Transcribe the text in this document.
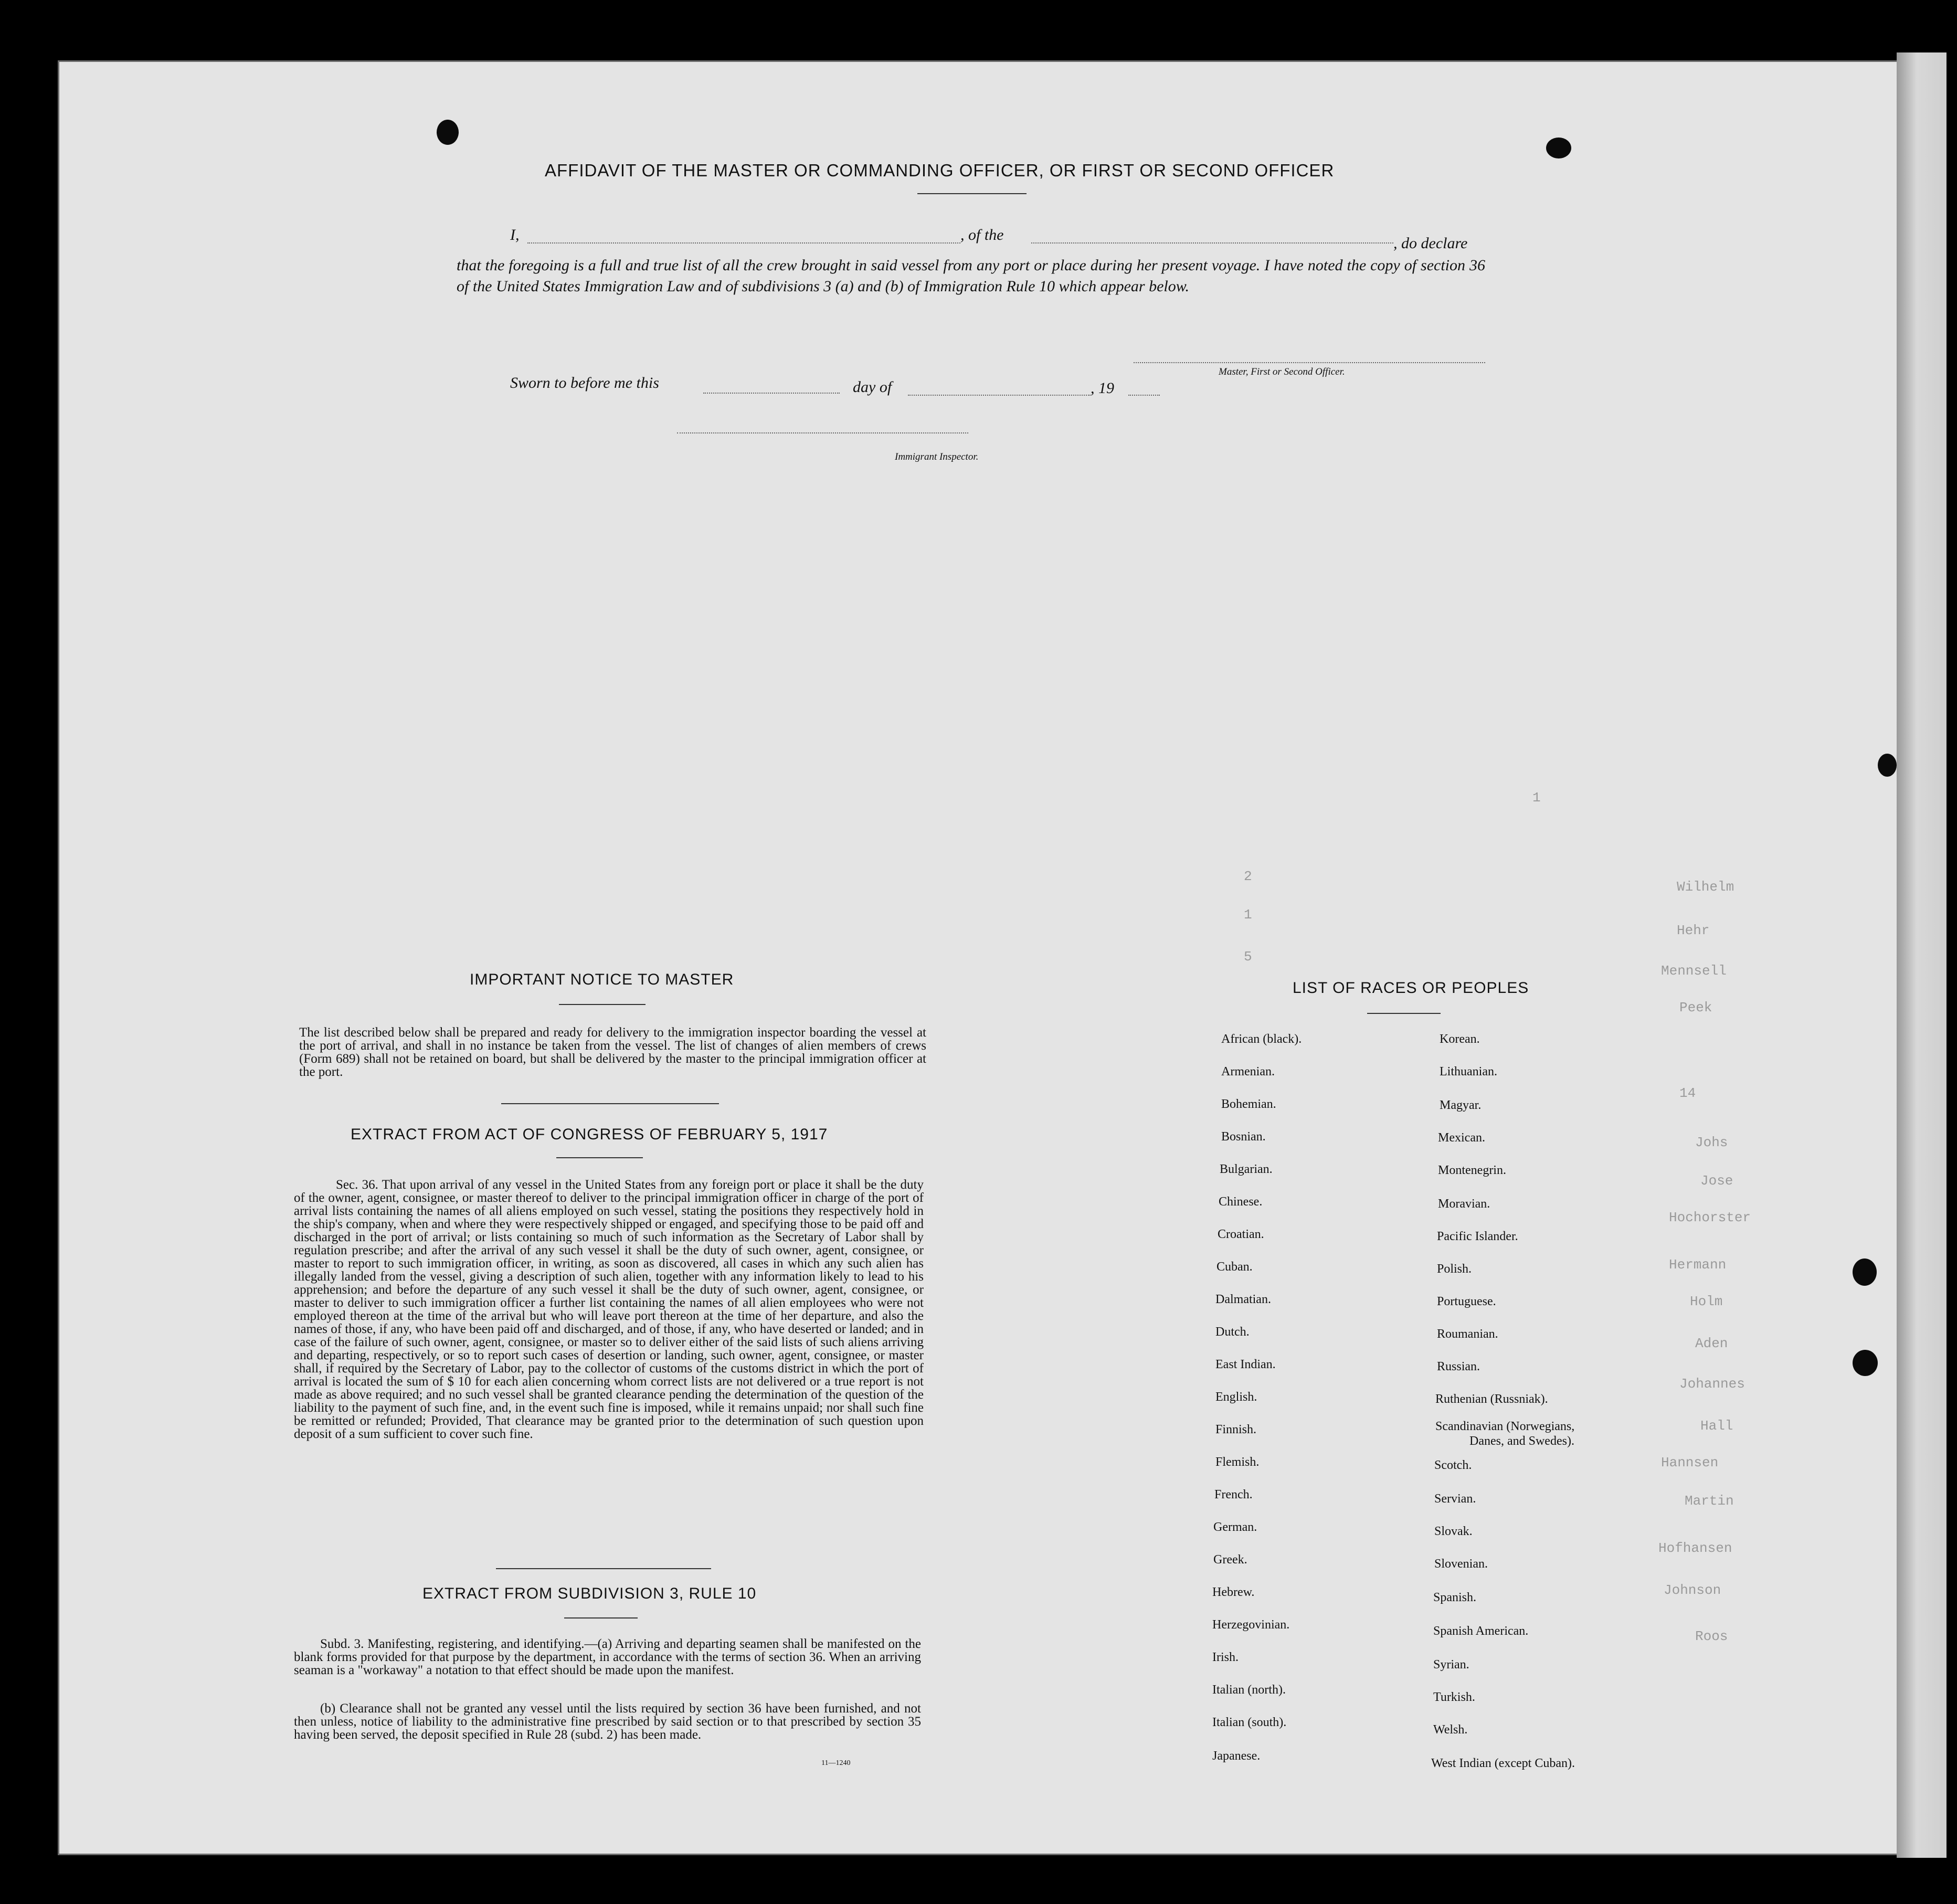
Wilhelm
Hehr
Mennsell
Peek
14
Johs
Jose
Hochorster
Hermann
Holm
Aden
Johannes
Hall
Hannsen
Martin
Hofhansen
Johnson
Roos
1
2
1
5
AFFIDAVIT OF THE MASTER OR COMMANDING OFFICER, OR FIRST OR SECOND OFFICER
I,	, of the	, do declare
that the foregoing is a full and true list of all the crew brought in said vessel from any port or place during her present voyage. I have noted the copy of section 36 of the United States Immigration Law and of subdivisions 3 (a) and (b) of Immigration Rule 10 which appear below.
Master, First or Second Officer.
Sworn to before me this	day of	, 19
Immigrant Inspector.
IMPORTANT NOTICE TO MASTER
The list described below shall be prepared and ready for delivery to the immigration inspector boarding the vessel at the port of arrival, and shall in no instance be taken from the vessel. The list of changes of alien members of crews (Form 689) shall not be retained on board, but shall be delivered by the master to the principal immigration officer at the port.
EXTRACT FROM ACT OF CONGRESS OF FEBRUARY 5, 1917
Sec. 36. That upon arrival of any vessel in the United States from any foreign port or place it shall be the duty of the owner, agent, consignee, or master thereof to deliver to the principal immigration officer in charge of the port of arrival lists containing the names of all aliens employed on such vessel, stating the positions they respectively hold in the ship's company, when and where they were respectively shipped or engaged, and specifying those to be paid off and discharged in the port of arrival; or lists containing so much of such information as the Secretary of Labor shall by regulation prescribe; and after the arrival of any such vessel it shall be the duty of such owner, agent, consignee, or master to report to such immigration officer, in writing, as soon as discovered, all cases in which any such alien has illegally landed from the vessel, giving a description of such alien, together with any information likely to lead to his apprehension; and before the departure of any such vessel it shall be the duty of such owner, agent, consignee, or master to deliver to such immigration officer a further list containing the names of all alien employees who were not employed thereon at the time of the arrival but who will leave port thereon at the time of her departure, and also the names of those, if any, who have been paid off and discharged, and of those, if any, who have deserted or landed; and in case of the failure of such owner, agent, consignee, or master so to deliver either of the said lists of such aliens arriving and departing, respectively, or so to report such cases of desertion or landing, such owner, agent, consignee, or master shall, if required by the Secretary of Labor, pay to the collector of customs of the customs district in which the port of arrival is located the sum of $ 10 for each alien concerning whom correct lists are not delivered or a true report is not made as above required; and no such vessel shall be granted clearance pending the determination of the question of the liability to the payment of such fine, and, in the event such fine is imposed, while it remains unpaid; nor shall such fine be remitted or refunded; Provided, That clearance may be granted prior to the determination of such question upon deposit of a sum sufficient to cover such fine.
EXTRACT FROM SUBDIVISION 3, RULE 10
Subd. 3. Manifesting, registering, and identifying.—(a) Arriving and departing seamen shall be manifested on the blank forms provided for that purpose by the department, in accordance with the terms of section 36. When an arriving seaman is a "workaway" a notation to that effect should be made upon the manifest.
(b) Clearance shall not be granted any vessel until the lists required by section 36 have been furnished, and not then unless, notice of liability to the administrative fine prescribed by said section or to that prescribed by section 35 having been served, the deposit specified in Rule 28 (subd. 2) has been made.
11—1240
LIST OF RACES OR PEOPLES
African (black).
Armenian.
Bohemian.
Bosnian.
Bulgarian.
Chinese.
Croatian.
Cuban.
Dalmatian.
Dutch.
East Indian.
English.
Finnish.
Flemish.
French.
German.
Greek.
Hebrew.
Herzegovinian.
Irish.
Italian (north).
Italian (south).
Japanese.
Korean.
Lithuanian.
Magyar.
Mexican.
Montenegrin.
Moravian.
Pacific Islander.
Polish.
Portuguese.
Roumanian.
Russian.
Ruthenian (Russniak).
Scandinavian (Norwegians,
Danes, and Swedes).
Scotch.
Servian.
Slovak.
Slovenian.
Spanish.
Spanish American.
Syrian.
Turkish.
Welsh.
West Indian (except Cuban).
